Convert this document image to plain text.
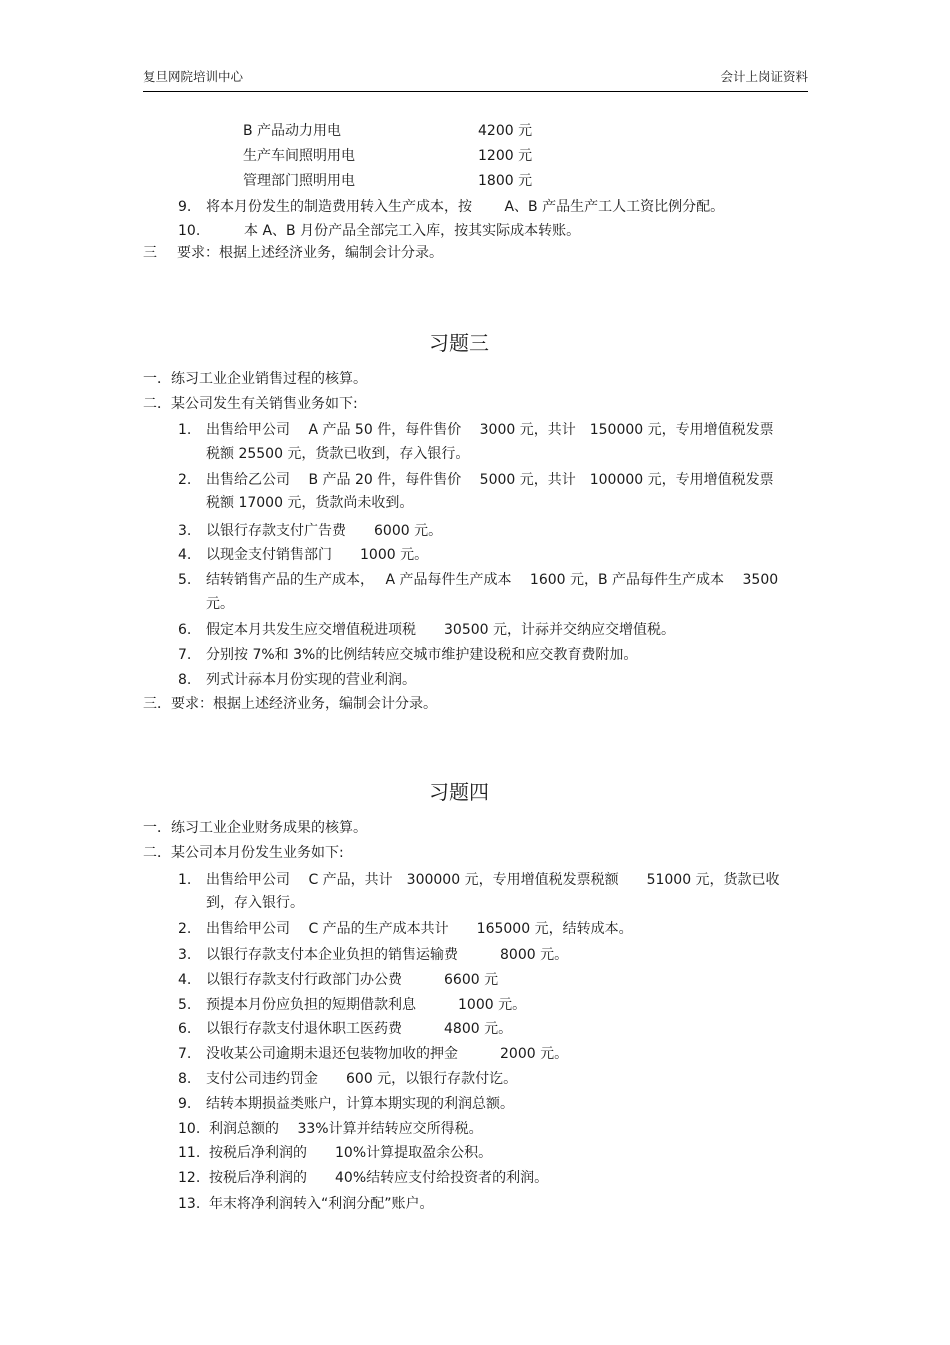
复旦网院培训中心	会计上岗证资料
B 产品动力用电	4200 元
生产车间照明用电	1200 元
管理部门照明用电	1800 元
9. 将本月份发生的制造费用转入生产成本，按　　 A、B 产品生产工人工资比例分配。
10.	本 A、B 月份产品全部完工入库，按其实际成本转账。
三 要求：根据上述经济业务，编制会计分录。
习题三
一．练习工业企业销售过程的核算。
二．某公司发生有关销售业务如下:
1. 出售给甲公司　 A 产品 50 件，每件售价　 3000 元，共计　150000 元，专用增值税发票
税额 25500 元，货款已收到，存入银行。
2. 出售给乙公司　 B 产品 20 件，每件售价　 5000 元，共计　100000 元，专用增值税发票
税额 17000 元，货款尚未收到。
3. 以银行存款支付广告费　　6000 元。
4. 以现金支付销售部门　　1000 元。
5. 结转销售产品的生产成本，　 A 产品每件生产成本　 1600 元，B 产品每件生产成本　 3500
元。
6. 假定本月共发生应交增值税进项税　　30500 元，计祘并交纳应交增值税。
7. 分别按 7%和 3%的比例结转应交城市维护建设税和应交教育费附加。
8. 列式计祘本月份实现的营业利润。
三．要求：根据上述经济业务，编制会计分录。
习题四
一．练习工业企业财务成果的核算。
二．某公司本月份发生业务如下:
1. 出售给甲公司　 C 产品，共计　300000 元，专用增值税发票税额　　51000 元，货款已收
到，存入银行。
2. 出售给甲公司　 C 产品的生产成本共计　　165000 元，结转成本。
3. 以银行存款支付本企业负担的销售运输费　　　8000 元。
4. 以银行存款支付行政部门办公费　　　6600 元
5. 预提本月份应负担的短期借款利息　　　1000 元。
6. 以银行存款支付退休职工医药费　　　4800 元。
7. 没收某公司逾期未退还包装物加收的押金　　　2000 元。
8. 支付公司违约罚金　　600 元，以银行存款付讫。
9. 结转本期损益类账户，计算本期实现的利润总额。
10. 利润总额的　 33%计算并结转应交所得税。
11. 按税后净利润的　　10%计算提取盈余公积。
12. 按税后净利润的　　40%结转应支付给投资者的利润。
13. 年末将净利润转入“利润分配”账户。
